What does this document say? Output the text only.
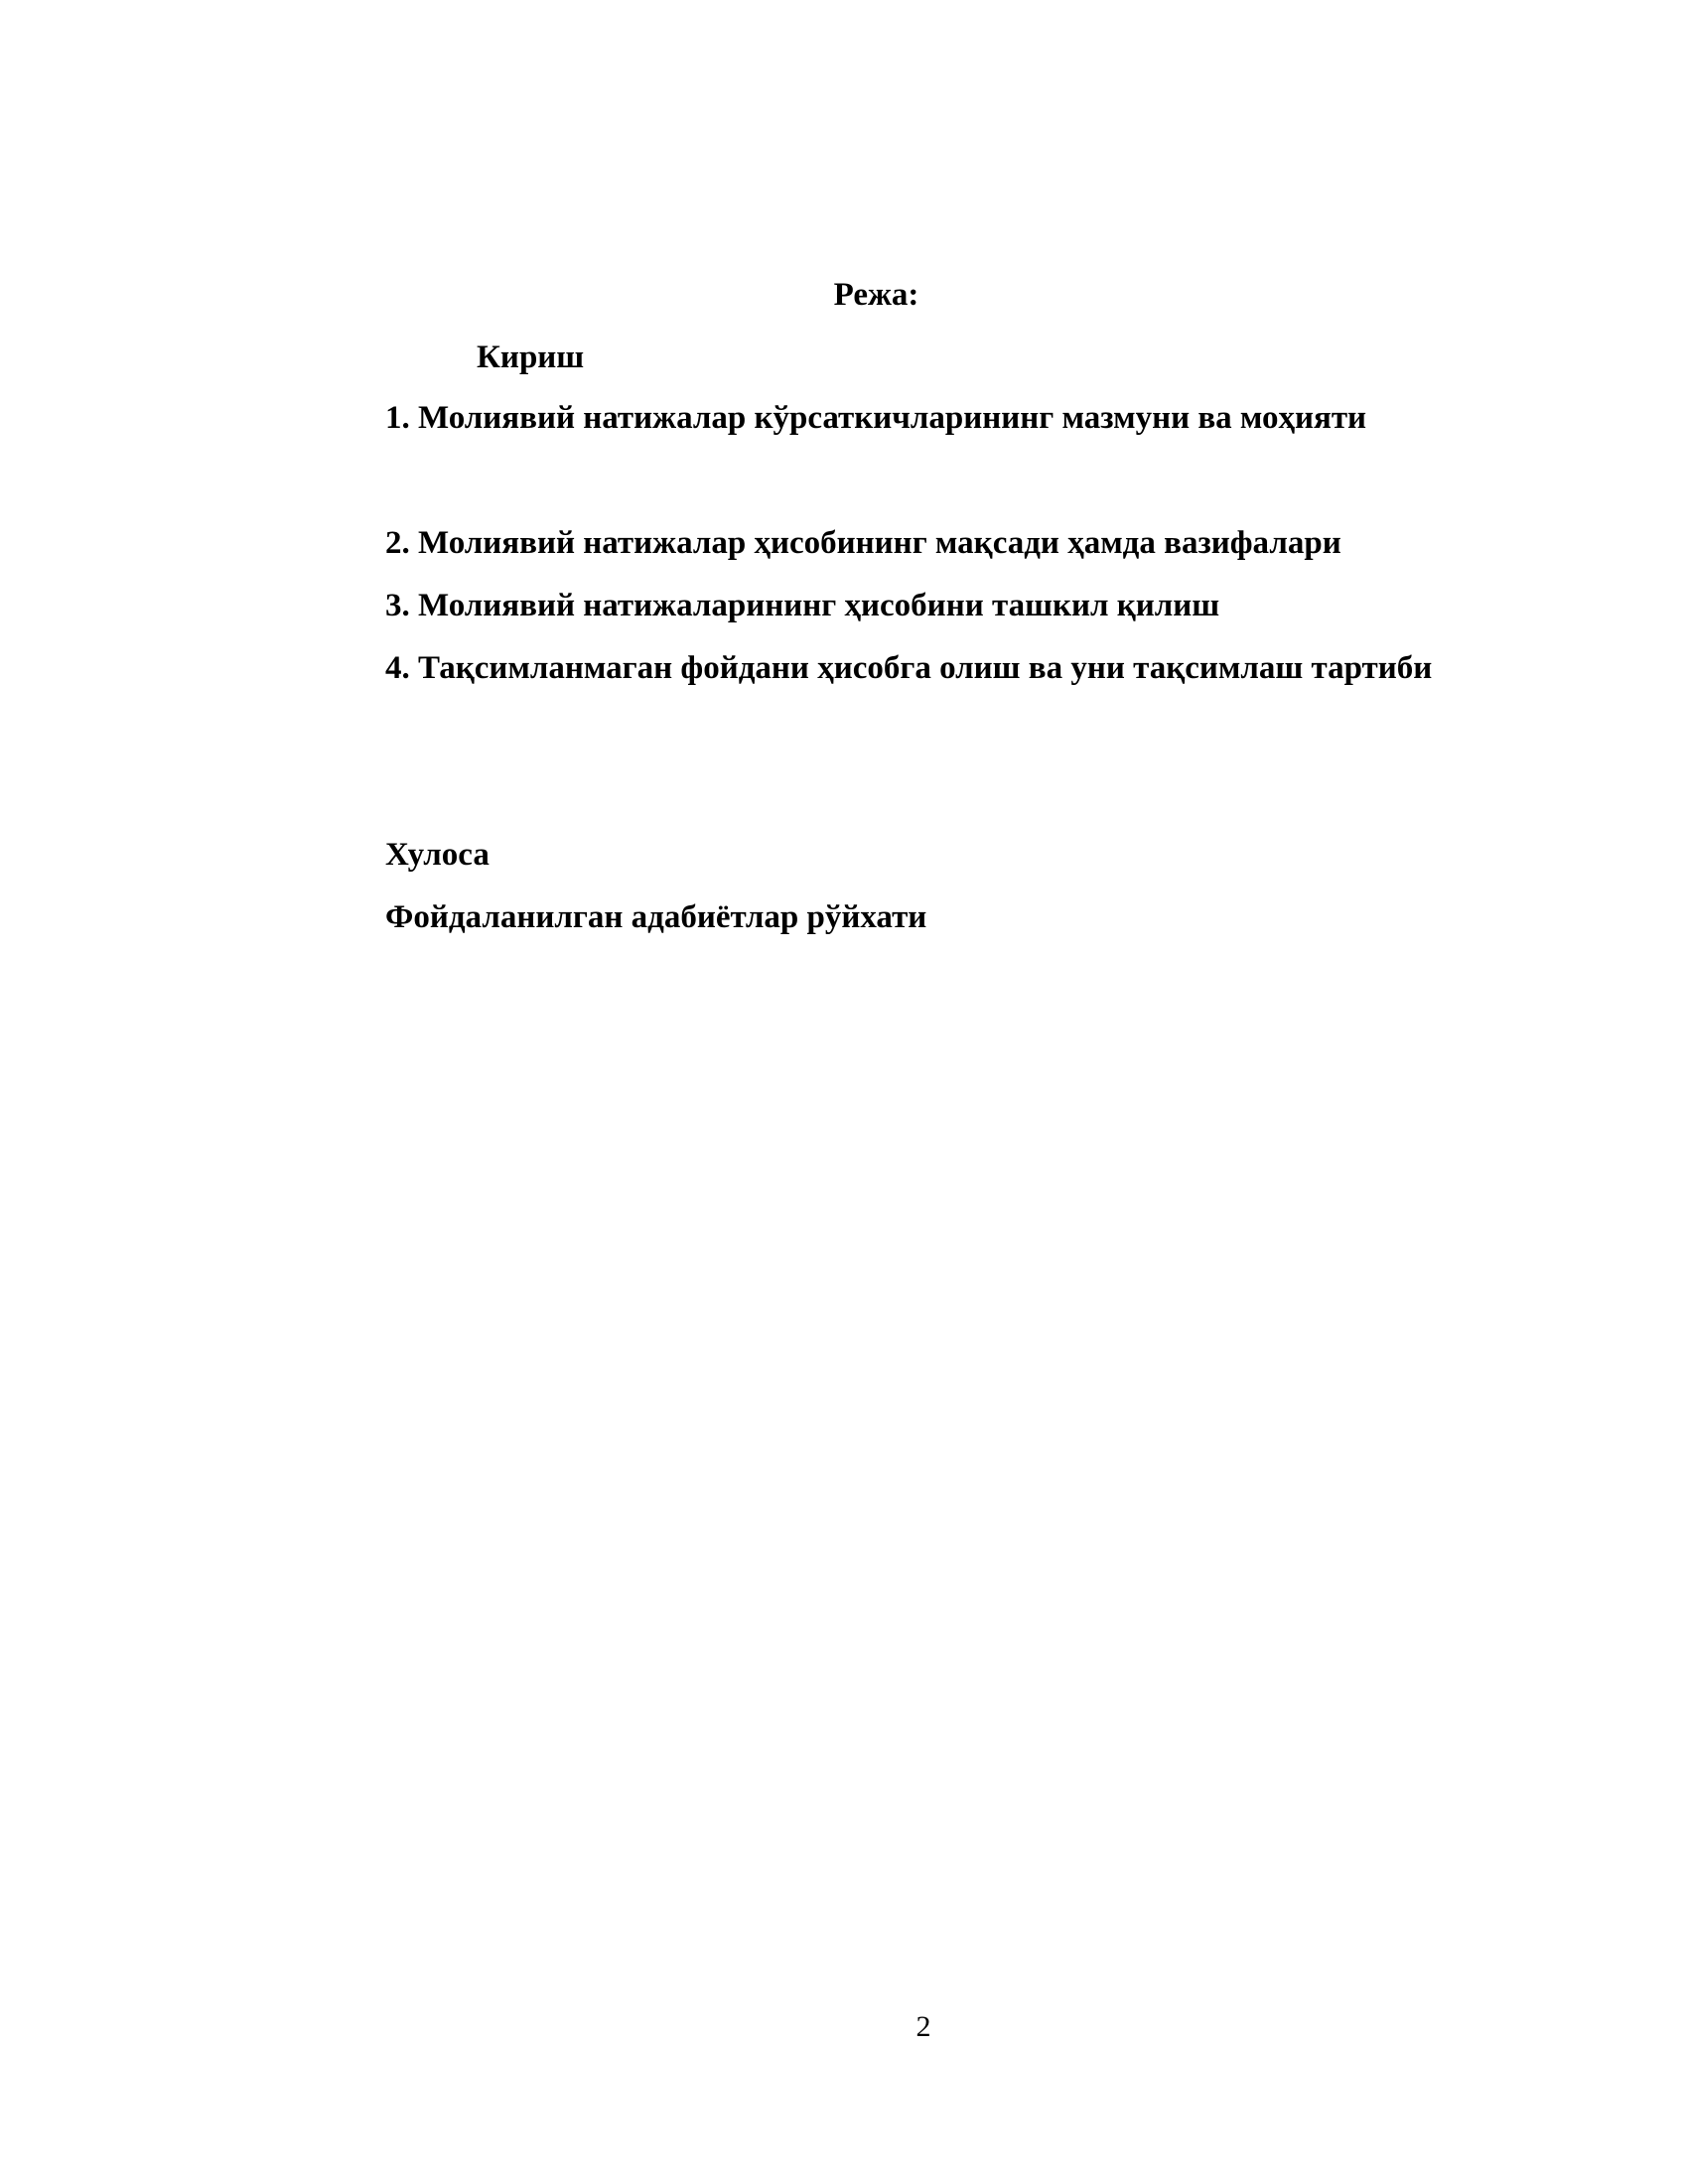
Режа:
Кириш

1. Молиявий натижалар кўрсаткичларининг мазмуни ва моҳияти

2. Молиявий натижалар ҳисобининг мақсади ҳамда вазифалари

3. Молиявий натижаларининг ҳисобини ташкил қилиш

4. Тақсимланмаган фойдани ҳисобга олиш ва уни тақсимлаш тартиби

Хулоса
Фойдаланилган адабиётлар рўйхати
2
